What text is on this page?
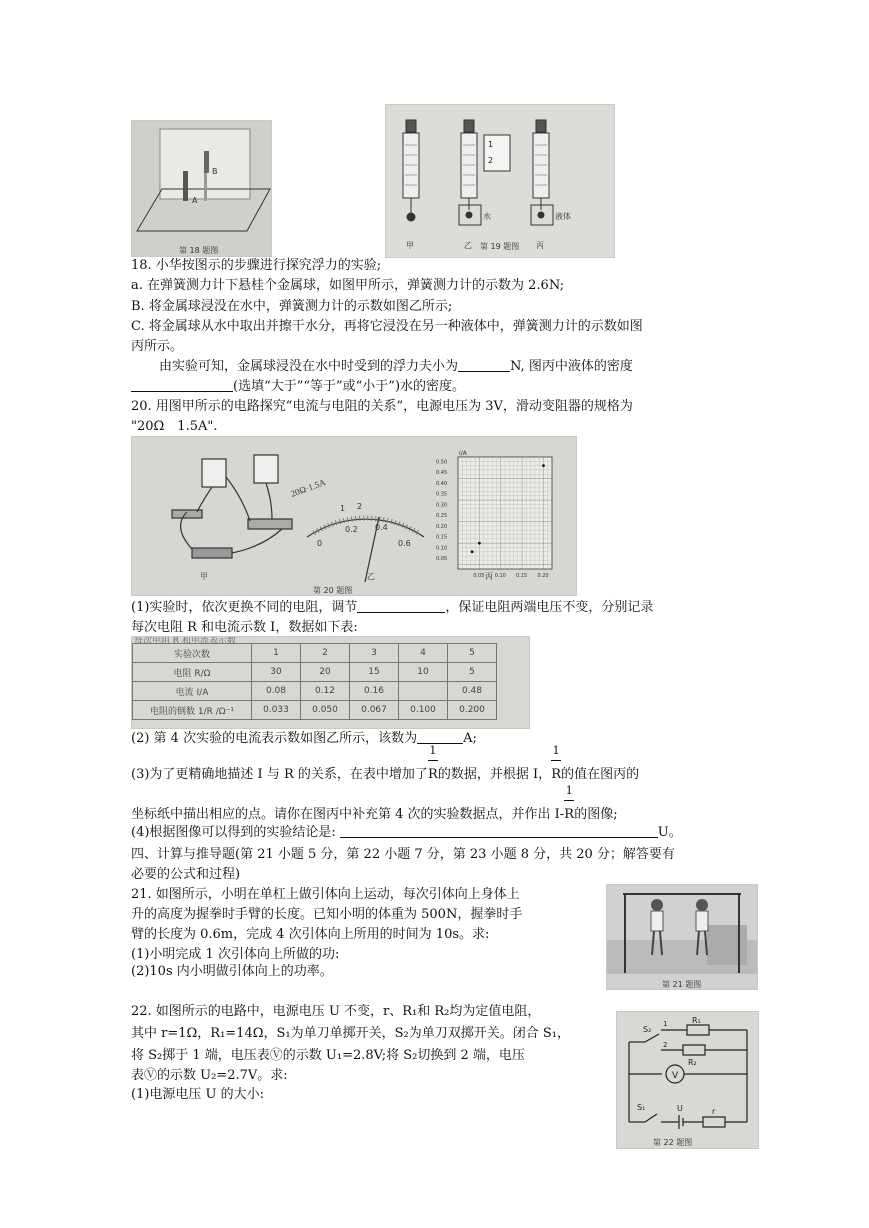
A
B
第 18 题图
1
2
水	液体
甲	乙	丙
第 19 题图
18. 小华按图示的步骤进行探究浮力的实验;
a. 在弹簧测力计下悬桂个金属球，如图甲所示，弹簧测力计的示数为 2.6N;
B. 将金属球浸没在水中，弹簧测力计的示数如图乙所示;
C. 将金属球从水中取出并擦干水分，再将它浸没在另一种液体中，弹簧测力计的示数如图
丙所示。
由实验可知，金属球浸没在水中时受到的浮力夫小为	N, 图丙中液体的密度
(选填“大于”“等于”或“小于”)水的密度。
20. 用图甲所示的电路探究“电流与电阻的关系”，电源电压为 3V，滑动变阻器的规格为
"20Ω　1.5A".
20Ω·1.5A
甲
0
0.2 0.4
0.6
1 2
乙
0.50
0.45
0.40
0.35
0.30
0.25
0.20
0.15
0.10
0.05
0.05 0.10 0.15 0.20
I/A
丙
第 20 题图
(1)实验时，依次更换不同的电阻，调节	，保证电阻两端电压不变，分别记录
每次电阻 R 和电流示数 I，数据如下表:
每次电阻 R 和电流表示数
实验次数	1	2	3	4	5
电阻 R/Ω	30	20	15	10	5
电流 I/A	0.08	0.12	0.16		0.48
电阻的倒数 1/R /Ω⁻¹	0.033	0.050	0.067	0.100	0.200
(2) 第 4 次实验的电流表示数如图乙所示，该数为	A;
(3)为了更精确地描述 I 与 R 的关系，在表中增加了 $\frac{1}{R}$的数据，并根据 I， $\frac{1}{R}$的值在图丙的
坐标纸中描出相应的点。请你在图丙中补充第 4 次的实验数据点，并作出 $I- \frac{1}{R}$的图像;
(4)根据图像可以得到的实验结论是:	U。
四、计算与推导题(第 21 小题 5 分，第 22 小题 7 分，第 23 小题 8 分，共 20 分；解答要有
必要的公式和过程)
21. 如图所示，小明在单杠上做引体向上运动，每次引体向上身体上
升的高度为握拳时手臂的长度。已知小明的体重为 500N，握拳时手
臂的长度为 0.6m，完成 4 次引体向上所用的时间为 10s。求:
(1)小明完成 1 次引体向上所做的功:
(2)10s 内小明做引体向上的功率。
第 21 题图
22. 如图所示的电路中，电源电压 U 不变，r、R₁和 R₂均为定值电阻，
其中 r=1Ω，R₁=14Ω，S₁为单刀单掷开关，S₂为单刀双掷开关。闭合 S₁，
将 S₂掷于 1 端，电压表Ⓥ的示数 U₁=2.8V;将 S₂切换到 2 端，电压
表Ⓥ的示数 U₂=2.7V。求:
(1)电源电压 U 的大小:
S₂
S₁
R₁
R₂
V
U	r
1
2
第 22 题图
